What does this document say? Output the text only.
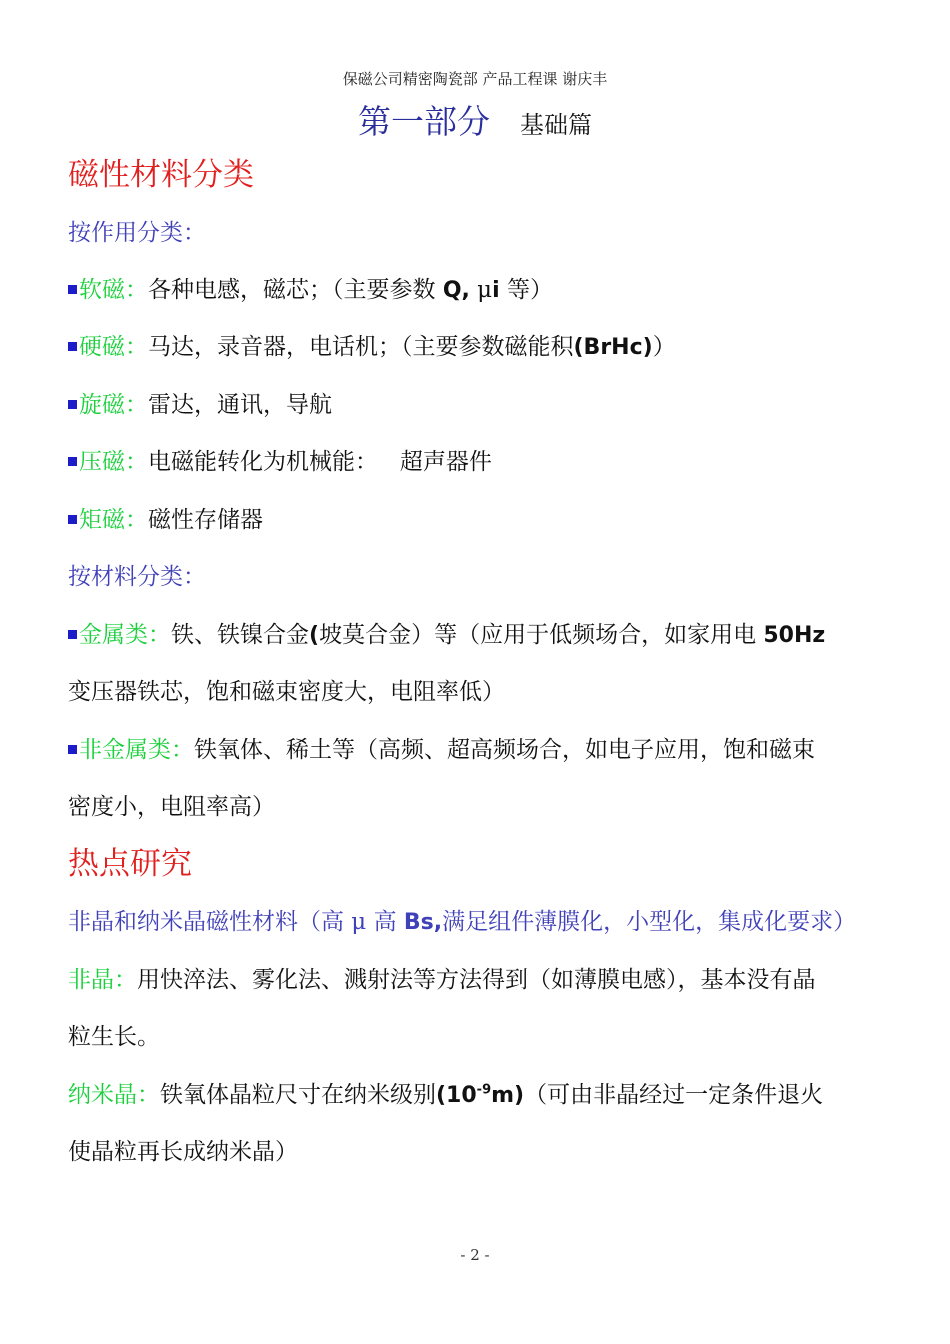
保磁公司精密陶瓷部 产品工程课 谢庆丰
第一部分 基础篇
磁性材料分类
按作用分类：
软磁：各种电感，磁芯；（主要参数 Q, μi 等）
硬磁：马达，录音器，电话机；（主要参数磁能积(BrHc)）
旋磁：雷达，通讯，导航
压磁：电磁能转化为机械能：   超声器件
矩磁：磁性存储器
按材料分类：
金属类：铁、铁镍合金(坡莫合金）等（应用于低频场合，如家用电 50Hz
变压器铁芯，饱和磁束密度大，电阻率低）
非金属类：铁氧体、稀土等（高频、超高频场合，如电子应用，饱和磁束
密度小，电阻率高）
热点研究
非晶和纳米晶磁性材料（高 μ 高 Bs,满足组件薄膜化，小型化，集成化要求）
非晶：用快淬法、雾化法、溅射法等方法得到（如薄膜电感），基本没有晶
粒生长。
纳米晶：铁氧体晶粒尺寸在纳米级别$(10^{-9}m)$（可由非晶经过一定条件退火
使晶粒再长成纳米晶）
- 2 -
